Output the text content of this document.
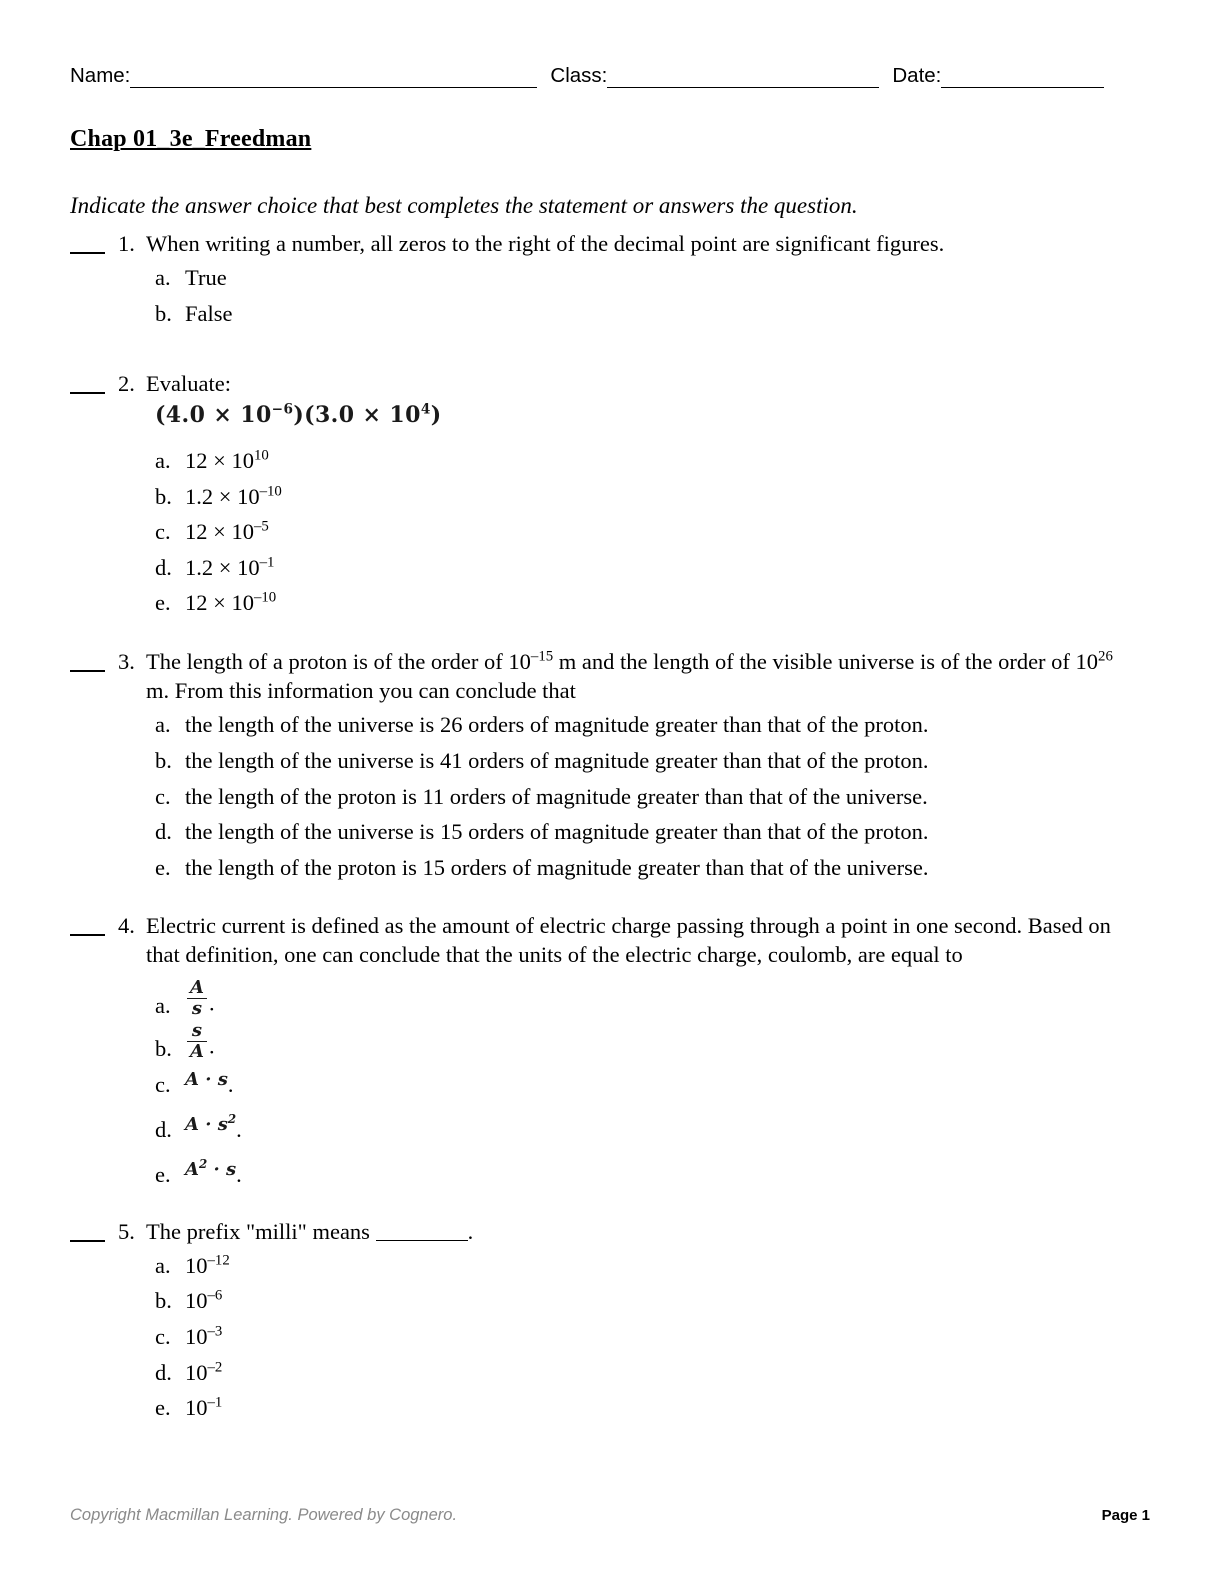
Name:	Class:	Date:
Chap 01_3e_Freedman
Indicate the answer choice that best completes the statement or answers the question.
1. When writing a number, all zeros to the right of the decimal point are significant figures.
a. True
b. False
2. Evaluate:
$(4.0 \times 10^{-6})(3.0 \times 10^4)$
a. $12 \times 10^{10}$
b. $1.2 \times 10^{-10}$
c. $12 \times 10^{-5}$
d. $1.2 \times 10^{-1}$
e. $12 \times 10^{-10}$
3. The length of a proton is of the order of $10^{-15}$ m and the length of the visible universe is of the order of $10^{26}$ m. From this information you can conclude that
a. the length of the universe is 26 orders of magnitude greater than that of the proton.
b. the length of the universe is 41 orders of magnitude greater than that of the proton.
c. the length of the proton is 11 orders of magnitude greater than that of the universe.
d. the length of the universe is 15 orders of magnitude greater than that of the proton.
e. the length of the proton is 15 orders of magnitude greater than that of the universe.
4. Electric current is defined as the amount of electric charge passing through a point in one second. Based on that definition, one can conclude that the units of the electric charge, coulomb, are equal to
a. $\frac{A}{s}$ .
b. $\frac{s}{A}$ .
c. A · s.
d. $A \cdot s^2$.
e. $A^2 \cdot s$.
5. The prefix "milli" means	.
a. $10^{-12}$
b. $10^{-6}$
c. $10^{-3}$
d. $10^{-2}$
e. $10^{-1}$
Copyright Macmillan Learning. Powered by Cognero.	Page 1
